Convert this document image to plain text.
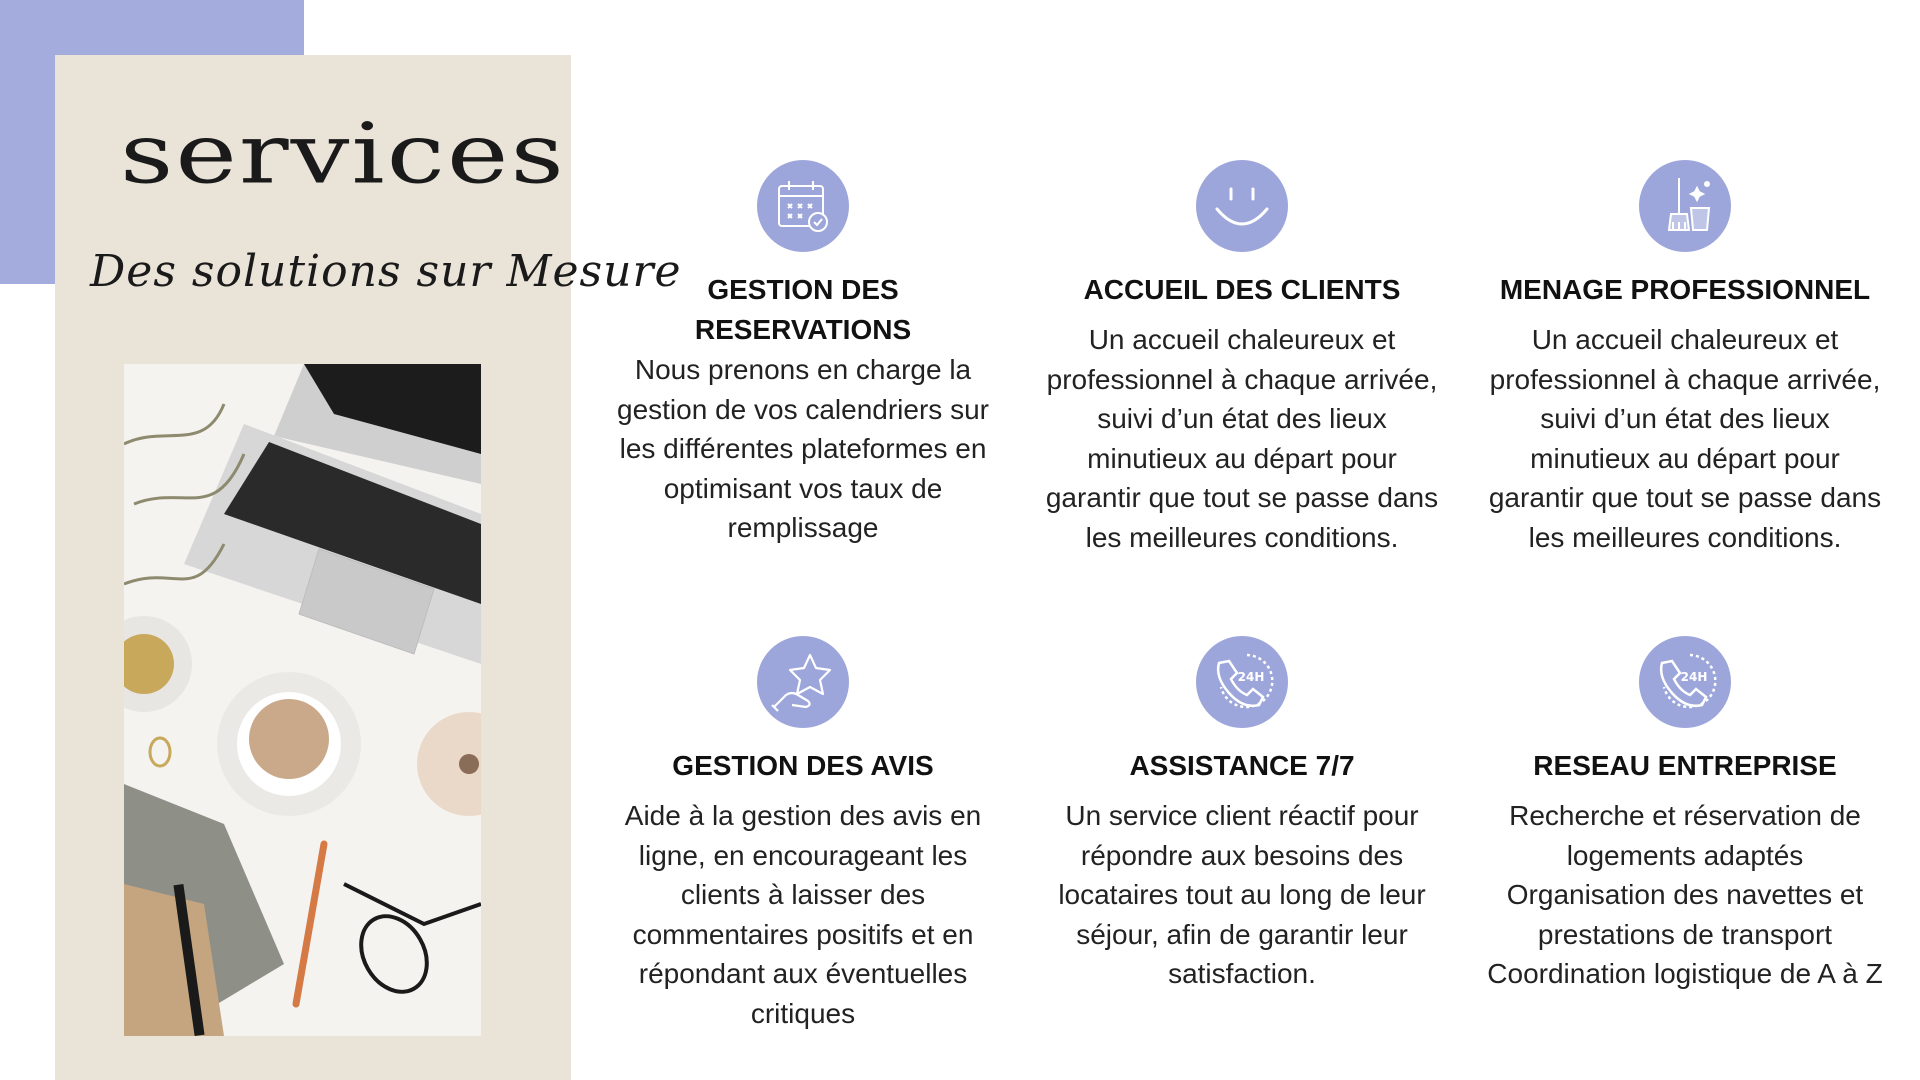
services

Des solutions sur Mesure GESTION DES RESERVATIONS

Nous prenons en charge la gestion de vos calendriers sur les différentes plateformes en optimisant vos taux de remplissage

ACCUEIL DES CLIENTS

Un accueil chaleureux et professionnel à chaque arrivée, suivi d’un état des lieux minutieux au départ pour garantir que tout se passe dans les meilleures conditions.

MENAGE PROFESSIONNEL

Un accueil chaleureux et professionnel à chaque arrivée, suivi d’un état des lieux minutieux au départ pour garantir que tout se passe dans les meilleures conditions.

GESTION DES AVIS

Aide à la gestion des avis en ligne, en encourageant les clients à laisser des commentaires positifs et en répondant aux éventuelles critiques

24H
ASSISTANCE 7/7

Un service client réactif pour répondre aux besoins des locataires tout au long de leur séjour, afin de garantir leur satisfaction.

24H
RESEAU ENTREPRISE

Recherche et réservation de logements adaptés
Organisation des navettes et prestations de transport
Coordination logistique de A à Z
